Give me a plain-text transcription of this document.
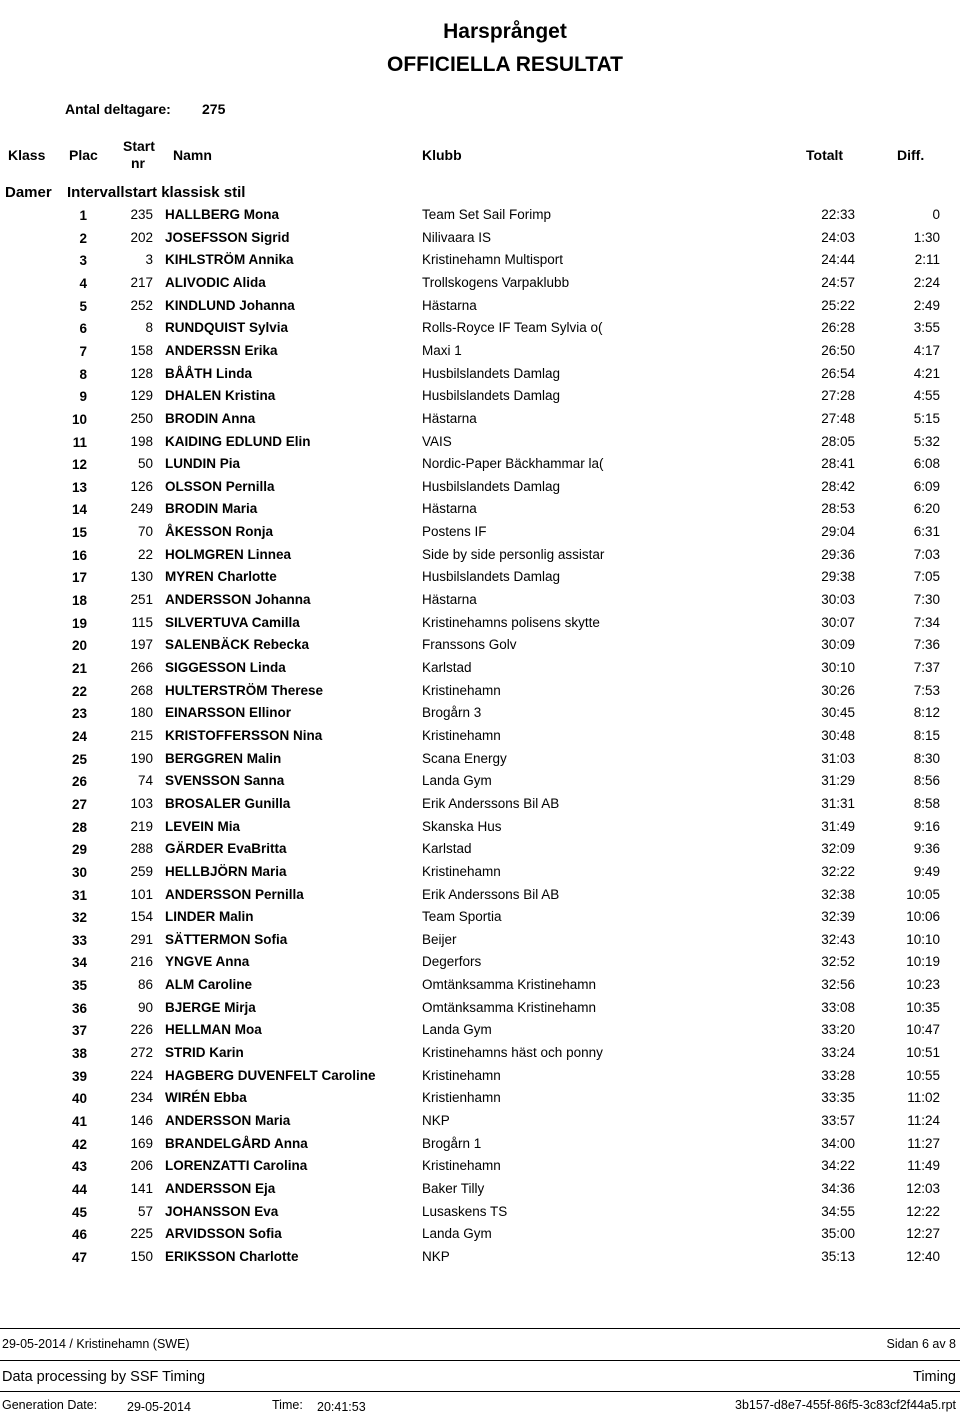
Harsprånget
OFFICIELLA RESULTAT
Antal deltagare: 275
Klass Plac
Start
nr Namn	Klubb	Totalt	Diff.
Damer Intervallstart klassisk stil
1	235 HALLBERG Mona	Team Set Sail Forimp	22:33	0
2	202 JOSEFSSON Sigrid	Nilivaara IS	24:03	1:30
3	3 KIHLSTRÖM Annika	Kristinehamn Multisport	24:44	2:11
4	217 ALIVODIC Alida	Trollskogens Varpaklubb	24:57	2:24
5	252 KINDLUND Johanna	Hästarna	25:22	2:49
6	8 RUNDQUIST Sylvia	Rolls-Royce IF Team Sylvia o(	26:28	3:55
7	158 ANDERSSN Erika	Maxi 1	26:50	4:17
8	128 BÅÅTH Linda	Husbilslandets Damlag	26:54	4:21
9	129 DHALEN Kristina	Husbilslandets Damlag	27:28	4:55
10	250 BRODIN Anna	Hästarna	27:48	5:15
11	198 KAIDING EDLUND Elin	VAIS	28:05	5:32
12	50 LUNDIN Pia	Nordic-Paper Bäckhammar la(	28:41	6:08
13	126 OLSSON Pernilla	Husbilslandets Damlag	28:42	6:09
14	249 BRODIN Maria	Hästarna	28:53	6:20
15	70 ÅKESSON Ronja	Postens IF	29:04	6:31
16	22 HOLMGREN Linnea	Side by side personlig assistar	29:36	7:03
17	130 MYREN Charlotte	Husbilslandets Damlag	29:38	7:05
18	251 ANDERSSON Johanna	Hästarna	30:03	7:30
19	115 SILVERTUVA Camilla	Kristinehamns polisens skytte	30:07	7:34
20	197 SALENBÄCK Rebecka	Franssons Golv	30:09	7:36
21	266 SIGGESSON Linda	Karlstad	30:10	7:37
22	268 HULTERSTRÖM Therese	Kristinehamn	30:26	7:53
23	180 EINARSSON Ellinor	Brogårn 3	30:45	8:12
24	215 KRISTOFFERSSON Nina	Kristinehamn	30:48	8:15
25	190 BERGGREN Malin	Scana Energy	31:03	8:30
26	74 SVENSSON Sanna	Landa Gym	31:29	8:56
27	103 BROSALER Gunilla	Erik Anderssons Bil AB	31:31	8:58
28	219 LEVEIN Mia	Skanska Hus	31:49	9:16
29	288 GÄRDER EvaBritta	Karlstad	32:09	9:36
30	259 HELLBJÖRN Maria	Kristinehamn	32:22	9:49
31	101 ANDERSSON Pernilla	Erik Anderssons Bil AB	32:38	10:05
32	154 LINDER Malin	Team Sportia	32:39	10:06
33	291 SÄTTERMON Sofia	Beijer	32:43	10:10
34	216 YNGVE Anna	Degerfors	32:52	10:19
35	86 ALM Caroline	Omtänksamma Kristinehamn	32:56	10:23
36	90 BJERGE Mirja	Omtänksamma Kristinehamn	33:08	10:35
37	226 HELLMAN Moa	Landa Gym	33:20	10:47
38	272 STRID Karin	Kristinehamns häst och ponny	33:24	10:51
39	224 HAGBERG DUVENFELT Caroline	Kristinehamn	33:28	10:55
40	234 WIRÉN Ebba	Kristienhamn	33:35	11:02
41	146 ANDERSSON Maria	NKP	33:57	11:24
42	169 BRANDELGÅRD Anna	Brogårn 1	34:00	11:27
43	206 LORENZATTI Carolina	Kristinehamn	34:22	11:49
44	141 ANDERSSON Eja	Baker Tilly	34:36	12:03
45	57 JOHANSSON Eva	Lusaskens TS	34:55	12:22
46	225 ARVIDSSON Sofia	Landa Gym	35:00	12:27
47	150 ERIKSSON Charlotte	NKP	35:13	12:40
29-05-2014 / Kristinehamn (SWE)	Sidan 6 av 8
Data processing by SSF Timing	Timing
Generation Date: 29-05-2014	Time: 20:41:53	3b157-d8e7-455f-86f5-3c83cf2f44a5.rpt
